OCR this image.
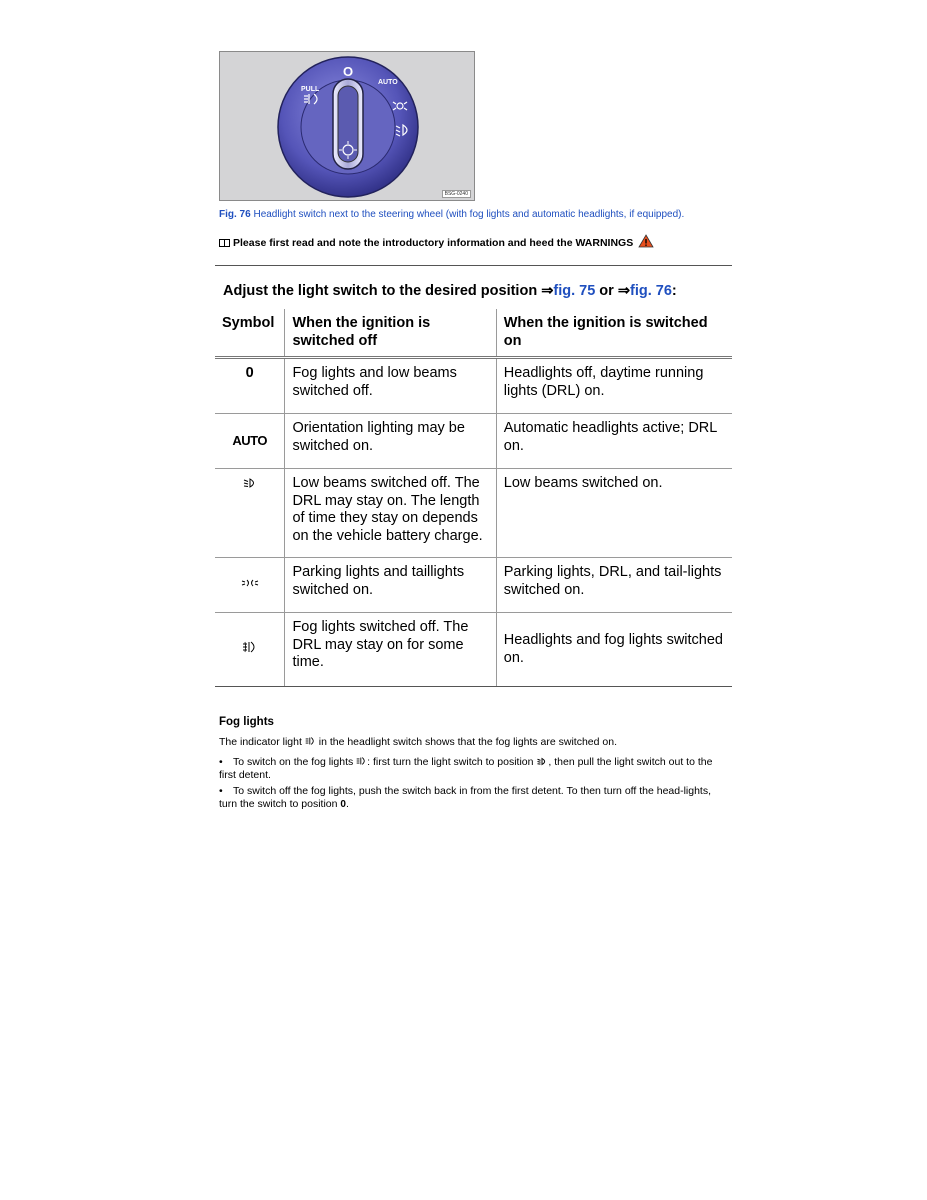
O
AUTO
PULL
BSG-0240
Fig. 76 Headlight switch next to the steering wheel (with fog lights and automatic headlights, if equipped).
Please first read and note the introductory information and heed the WARNINGS
Adjust the light switch to the desired position ⇒fig. 75 or ⇒fig. 76:
Symbol	When the ignition is switched off	When the ignition is switched on
0	Fog lights and low beams switched off.	Headlights off, daytime running lights (DRL) on.
AUTO	Orientation lighting may be switched on.	Automatic headlights active; DRL on.
	Low beams switched off. The DRL may stay on. The length of time they stay on depends on the vehicle battery charge.	Low beams switched on.
	Parking lights and taillights switched on.	Parking lights, DRL, and tail-lights switched on.
	Fog lights switched off. The DRL may stay on for some time.	Headlights and fog lights switched on.
Fog lights
The indicator light in the headlight switch shows that the fog lights are switched on.
• To switch on the fog lights : first turn the light switch to position , then pull the light switch out to the first detent.
• To switch off the fog lights, push the switch back in from the first detent. To then turn off the head-lights, turn the switch to position 0.
